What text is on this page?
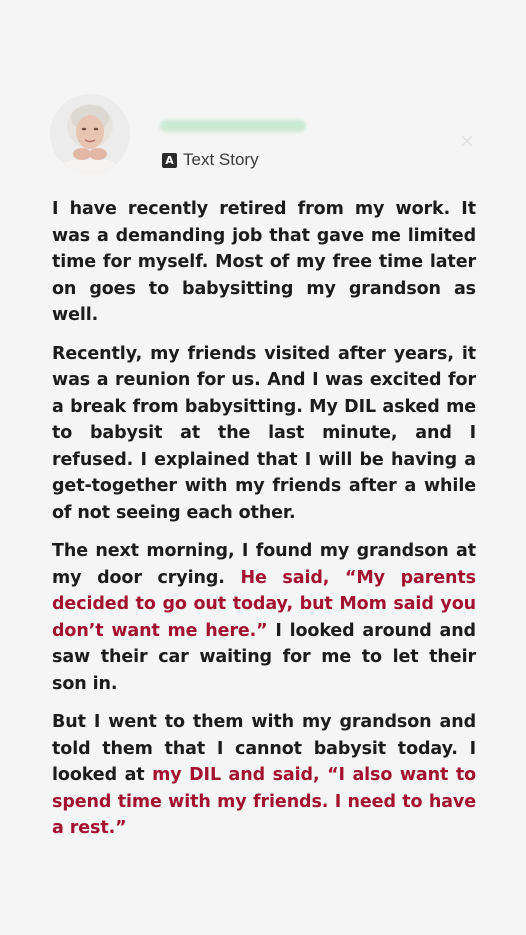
A Text Story

I have recently retired from my work. It was a demanding job that gave me limited time for myself. Most of my free time later on goes to babysitting my grandson as well.

Recently, my friends visited after years, it was a reunion for us. And I was excited for a break from babysitting. My DIL asked me to babysit at the last minute, and I refused. I explained that I will be having a get-together with my friends after a while of not seeing each other.

The next morning, I found my grandson at my door crying. He said, “My parents decided to go out today, but Mom said you don’t want me here.” I looked around and saw their car waiting for me to let their son in.

But I went to them with my grandson and told them that I cannot babysit today. I looked at my DIL and said, “I also want to spend time with my friends. I need to have a rest.”
